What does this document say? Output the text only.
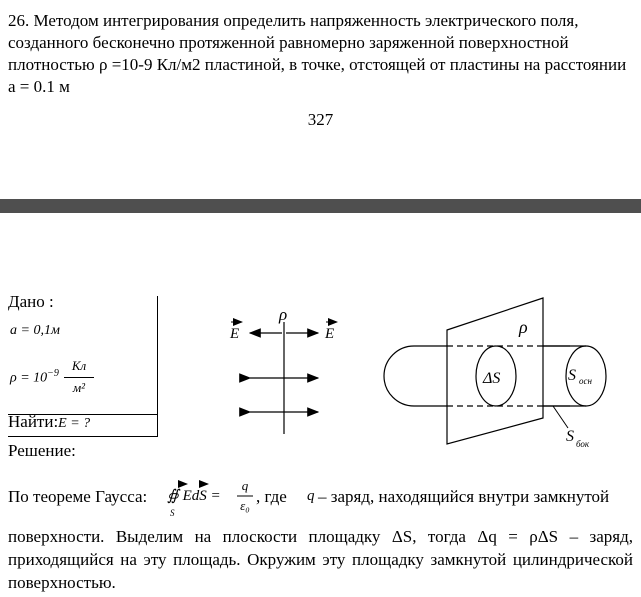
26. Методом интегрирования определить напряженность электрического поля, созданного бесконечно протяженной равномерно заряженной поверхностной плотностью ρ =10-9 Кл/м2 пластиной, в точке, отстоящей от пластины на расстоянии a = 0.1 м
327
Дано :
a = 0,1м
$\rho = 10^{-9}$
Кл
м²
Найти:E = ?
Решение:
ρ
E	E	ρ
ΔS	S осн
S бок
По теореме Гаусса: ∯ EdS =
S
q
ε₀ , где q – заряд, находящийся внутри замкнутой
поверхности. Выделим на плоскости площадку ΔS, тогда Δq = ρΔS – заряд, приходящийся на эту площадь. Окружим эту площадку замкнутой цилиндрической поверхностью.
